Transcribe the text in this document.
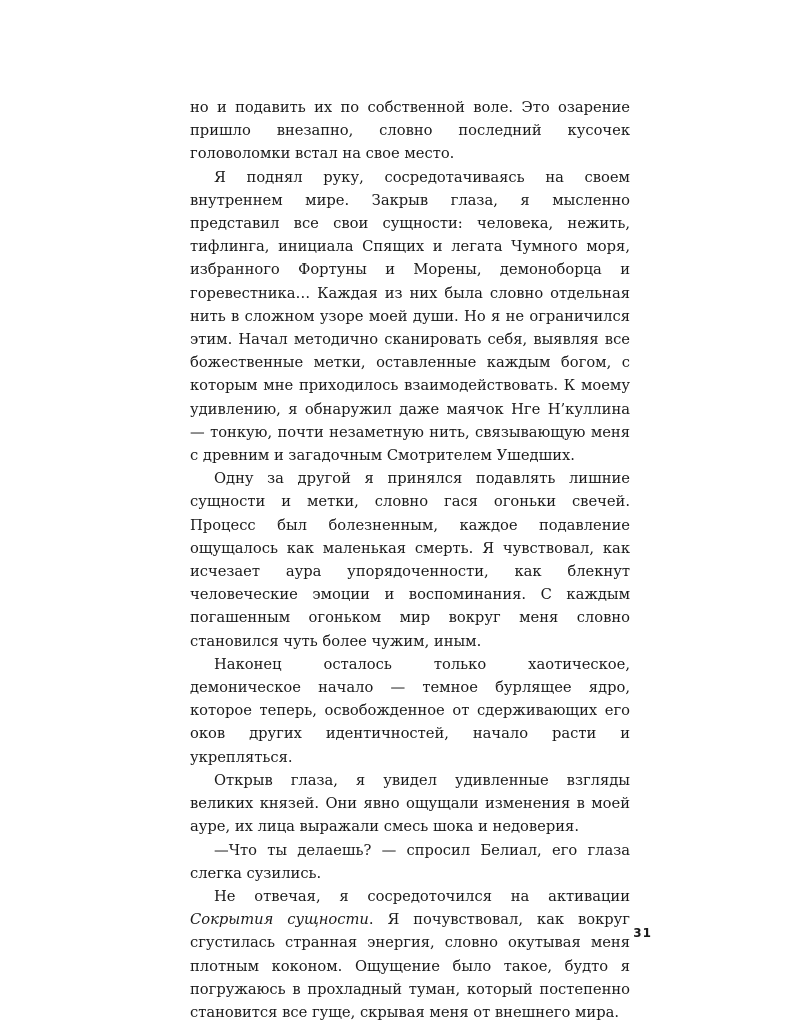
но и подавить их по собственной воле. Это озарение пришло внезапно, словно последний кусочек головоломки встал на свое место.

Я поднял руку, сосредотачиваясь на своем внутреннем мире. Закрыв глаза, я мысленно представил все свои сущности: человека, нежить, тифлинга, инициала Спящих и легата Чумного моря, избранного Фортуны и Морены, демоноборца и горевестника… Каждая из них была словно отдельная нить в сложном узоре моей души. Но я не ограничился этим. Начал методично сканировать себя, выявляя все божественные метки, оставленные каждым богом, с которым мне приходилось взаимодействовать. К моему удивлению, я обнаружил даже маячок Нге Н’куллина — тонкую, почти незаметную нить, связывающую меня с древним и загадочным Смотрителем Ушедших.

Одну за другой я принялся подавлять лишние сущности и метки, словно гася огоньки свечей. Процесс был болезненным, каждое подавление ощущалось как маленькая смерть. Я чувствовал, как исчезает аура упорядоченности, как блекнут человеческие эмоции и воспоминания. С каждым погашенным огоньком мир вокруг меня словно становился чуть более чужим, иным.

Наконец осталось только хаотическое, демоническое начало — темное бурлящее ядро, которое теперь, освобожденное от сдерживающих его оков других идентичностей, начало расти и укрепляться.

Открыв глаза, я увидел удивленные взгляды великих князей. Они явно ощущали изменения в моей ауре, их лица выражали смесь шока и недоверия.

—Что ты делаешь? — спросил Белиал, его глаза слегка сузились.

Не отвечая, я сосредоточился на активации Сокрытия сущности. Я почувствовал, как вокруг сгустилась странная энергия, словно окутывая меня плотным коконом. Ощущение было такое, будто я погружаюсь в прохладный туман, который постепенно становится все гуще, скрывая меня от внешнего мира.

31
